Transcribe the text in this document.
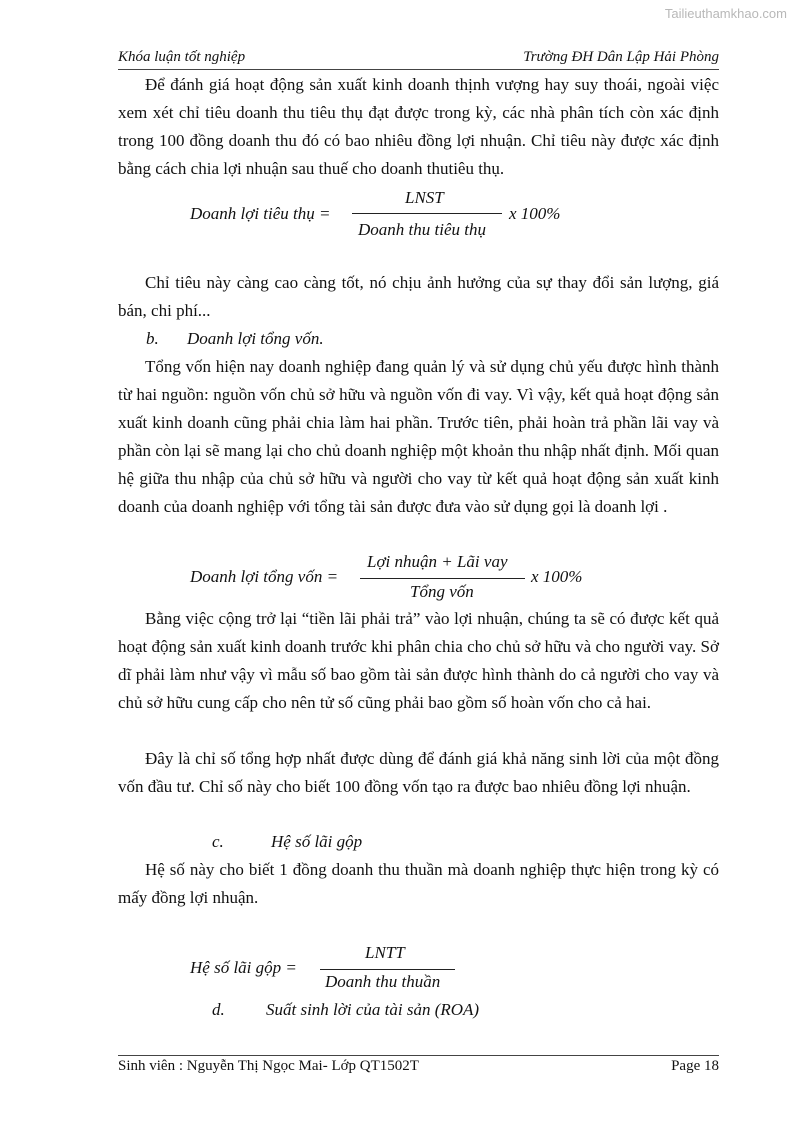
Tailieuthamkhao.com
Khóa luận tốt nghiệp	Trường ĐH Dân Lập Hải Phòng

Để đánh giá hoạt động sản xuất kinh doanh thịnh vượng hay suy thoái, ngoài việc xem xét chỉ tiêu doanh thu tiêu thụ đạt được trong kỳ, các nhà phân tích còn xác định trong 100 đồng doanh thu đó có bao nhiêu đồng lợi nhuận. Chỉ tiêu này được xác định bằng cách chia lợi nhuận sau thuế cho doanh thutiêu thụ.

Doanh lợi tiêu thụ =
LNST
Doanh thu tiêu thụ
x 100%

Chỉ tiêu này càng cao càng tốt, nó chịu ảnh hưởng của sự thay đổi sản lượng, giá bán, chi phí...

b. Doanh lợi tổng vốn.

Tổng vốn hiện nay doanh nghiệp đang quản lý và sử dụng chủ yếu được hình thành từ hai nguồn: nguồn vốn chủ sở hữu và nguồn vốn đi vay. Vì vậy, kết quả hoạt động sản xuất kinh doanh cũng phải chia làm hai phần. Trước tiên, phải hoàn trả phần lãi vay và phần còn lại sẽ mang lại cho chủ doanh nghiệp một khoản thu nhập nhất định. Mối quan hệ giữa thu nhập của chủ sở hữu và người cho vay từ kết quả hoạt động sản xuất kinh doanh của doanh nghiệp với tổng tài sản được đưa vào sử dụng gọi là doanh lợi .

Doanh lợi tổng vốn =
Lợi nhuận + Lãi vay
Tổng vốn
x 100%

Bằng việc cộng trở lại “tiền lãi phải trả” vào lợi nhuận, chúng ta sẽ có được kết quả hoạt động sản xuất kinh doanh trước khi phân chia cho chủ sở hữu và cho người vay. Sở dĩ phải làm như vậy vì mẫu số bao gồm tài sản được hình thành do cả người cho vay và chủ sở hữu cung cấp cho nên tử số cũng phải bao gồm số hoàn vốn cho cả hai.

Đây là chỉ số tổng hợp nhất được dùng để đánh giá khả năng sinh lời của một đồng vốn đầu tư. Chỉ số này cho biết 100 đồng vốn tạo ra được bao nhiêu đồng lợi nhuận.

c.	Hệ số lãi gộp

Hệ số này cho biết 1 đồng doanh thu thuần mà doanh nghiệp thực hiện trong kỳ có mấy đồng lợi nhuận.

Hệ số lãi gộp =
LNTT
Doanh thu thuần
d. Suất sinh lời của tài sản (ROA)
Sinh viên : Nguyễn Thị Ngọc Mai- Lớp QT1502T	Page 18
